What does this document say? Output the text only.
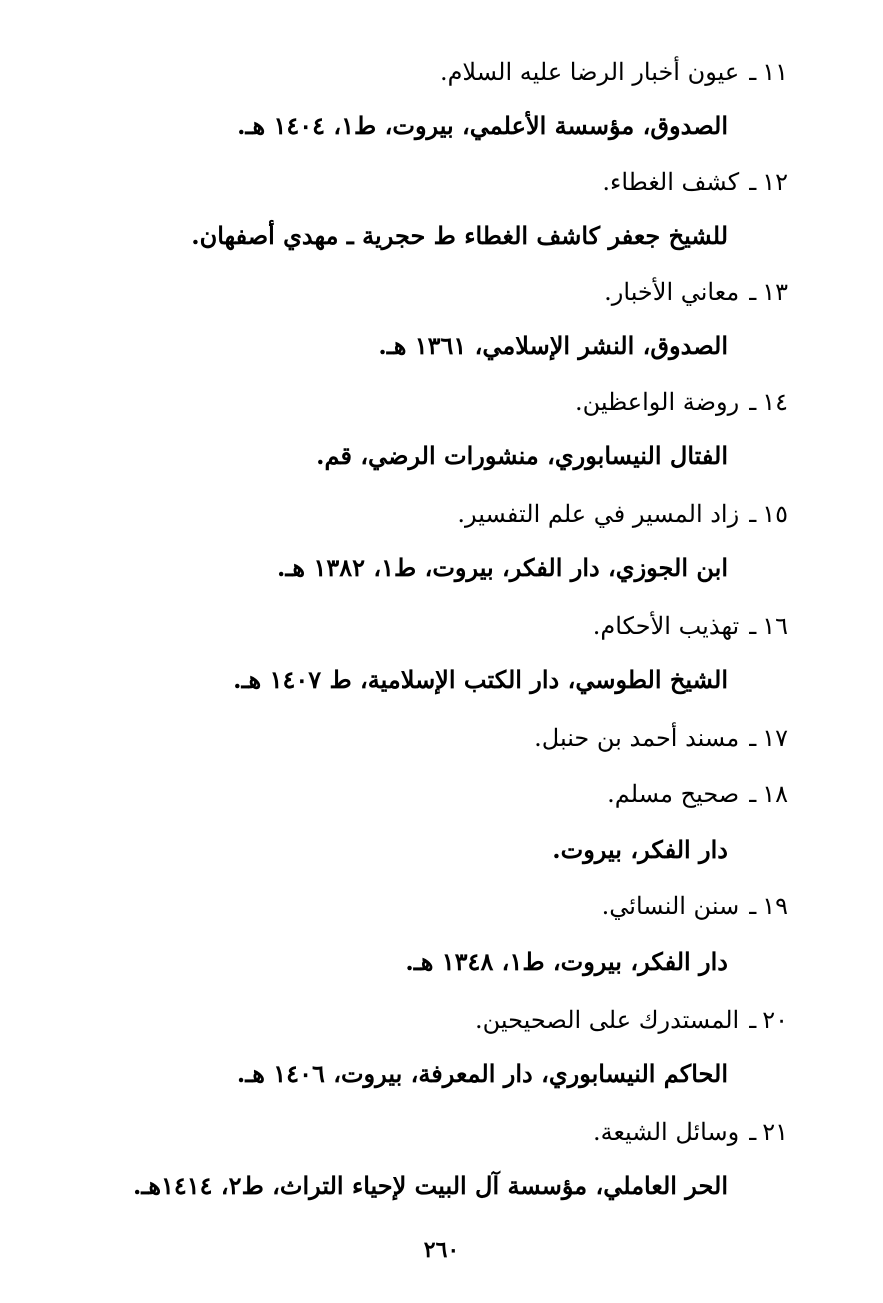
١١ـعيون أخبار الرضا عليه السلام.
الصدوق، مؤسسة الأعلمي، بيروت، ط١، ١٤٠٤ هـ.
١٢ـكشف الغطاء.
للشيخ جعفر كاشف الغطاء ط حجرية ـ مهدي أصفهان.
١٣ـمعاني الأخبار.
الصدوق، النشر الإسلامي، ١٣٦١ هـ.
١٤ـروضة الواعظين.
الفتال النيسابوري، منشورات الرضي، قم.
١٥ـزاد المسير في علم التفسير.
ابن الجوزي، دار الفكر، بيروت، ط١، ١٣٨٢ هـ.
١٦ـتهذيب الأحكام.
الشيخ الطوسي، دار الكتب الإسلامية، ط ١٤٠٧ هـ.
١٧ـمسند أحمد بن حنبل.
١٨ـصحيح مسلم.
دار الفكر، بيروت.
١٩ـسنن النسائي.
دار الفكر، بيروت، ط١، ١٣٤٨ هـ.
٢٠ـالمستدرك على الصحيحين.
الحاكم النيسابوري، دار المعرفة، بيروت، ١٤٠٦ هـ.
٢١ـوسائل الشيعة.
الحر العاملي، مؤسسة آل البيت لإحياء التراث، ط٢، ١٤١٤هـ.
٢٦٠
